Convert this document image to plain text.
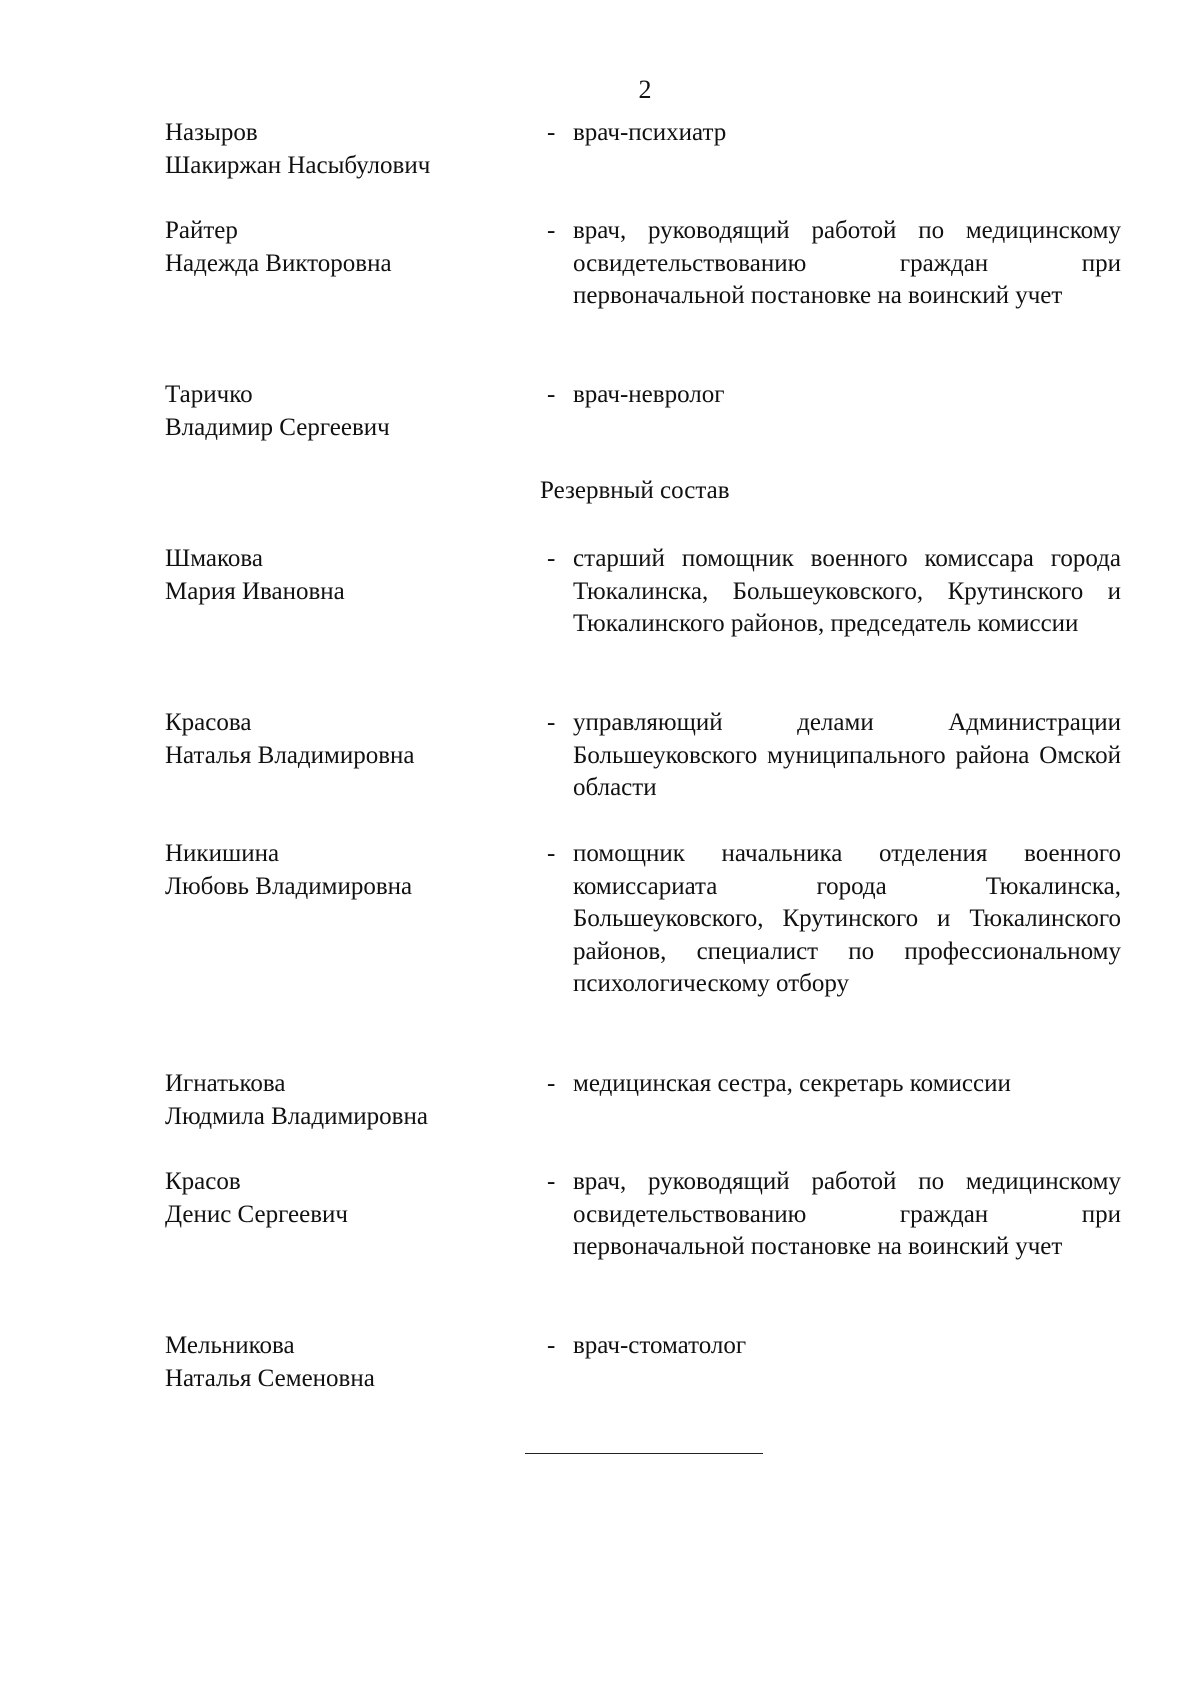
2
Назыров
Шакиржан Насыбулович
- врач-психиатр
Райтер
Надежда Викторовна
- врач, руководящий работой по медицинскому освидетельствованию граждан при первоначальной постановке на воинский учет
Таричко
Владимир Сергеевич
- врач-невролог
Резервный состав
Шмакова
Мария Ивановна
- старший помощник военного комиссара города Тюкалинска, Большеуковского, Крутинского и Тюкалинского районов, председатель комиссии
Красова
Наталья Владимировна
- управляющий делами Администрации Большеуковского муниципального района Омской области
Никишина
Любовь Владимировна
- помощник начальника отделения военного комиссариата города Тюкалинска, Большеуковского, Крутинского и Тюкалинского районов, специалист по профессиональному психологическому отбору
Игнатькова
Людмила Владимировна
- медицинская сестра, секретарь комиссии
Красов
Денис Сергеевич
- врач, руководящий работой по медицинскому освидетельствованию граждан при первоначальной постановке на воинский учет
Мельникова
Наталья Семеновна
- врач-стоматолог
